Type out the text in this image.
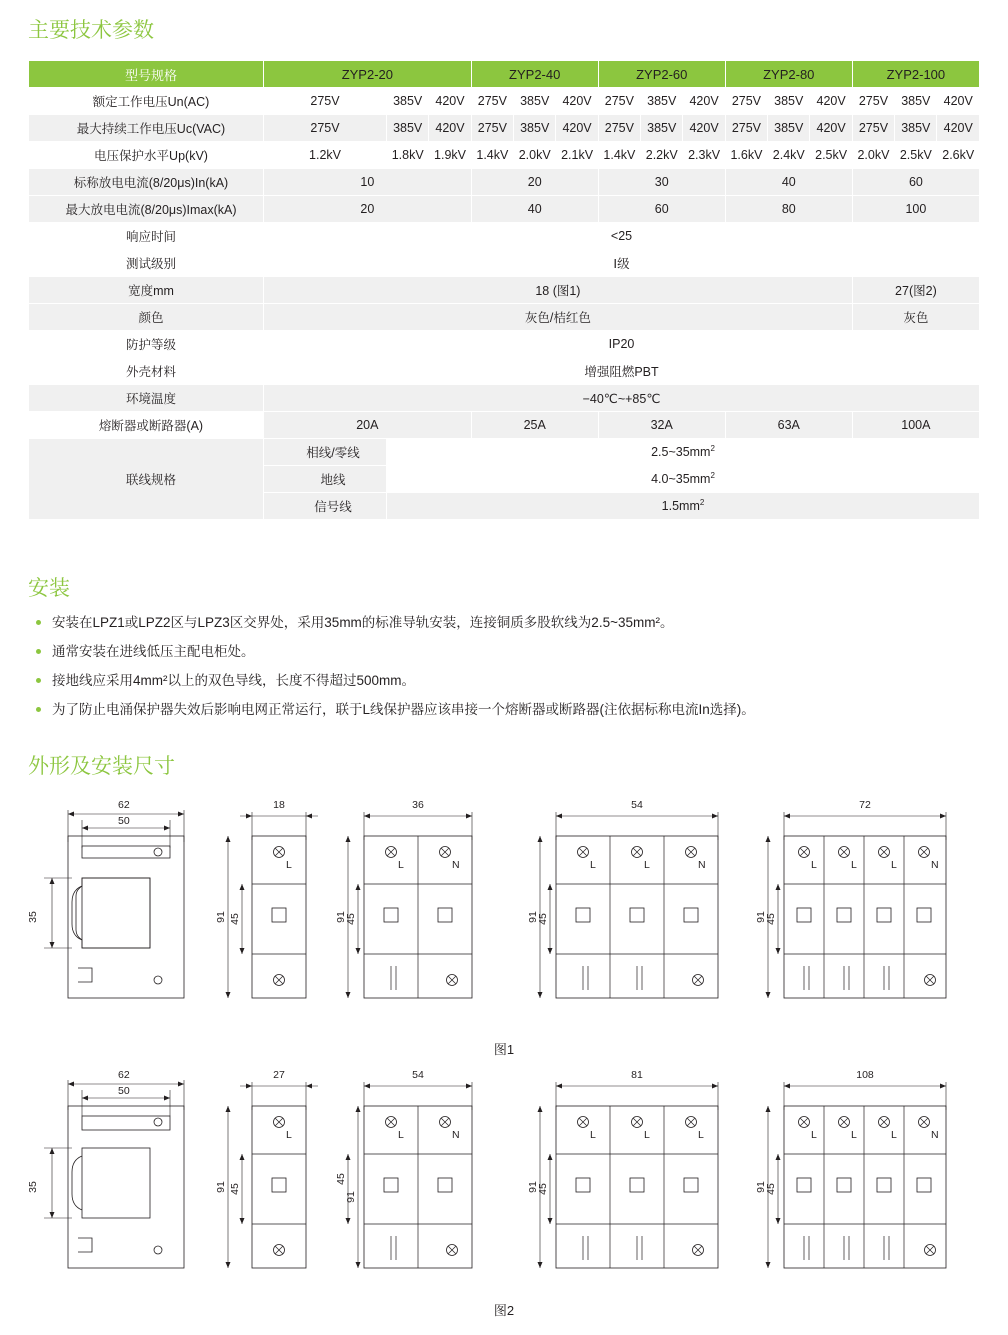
主要技术参数
型号规格	ZYP2-20			ZYP2-40			ZYP2-60			ZYP2-80			ZYP2-100		
额定工作电压Un(AC)	275V	385V	420V	275V	385V	420V	275V	385V	420V	275V	385V	420V	275V	385V	420V
最大持续工作电压Uc(VAC)	275V	385V	420V	275V	385V	420V	275V	385V	420V	275V	385V	420V	275V	385V	420V
电压保护水平Up(kV)	1.2kV	1.8kV	1.9kV	1.4kV	2.0kV	2.1kV	1.4kV	2.2kV	2.3kV	1.6kV	2.4kV	2.5kV	2.0kV	2.5kV	2.6kV
标称放电电流(8/20μs)In(kA)	10			20			30			40			60		
最大放电电流(8/20μs)Imax(kA)	20			40			60			80			100		
响应时间	<25														
测试级别	Ⅰ级														
宽度mm	18 (图1)												27(图2)		
颜色	灰色/桔红色												灰色		
防护等级	IP20														
外壳材料	增强阻燃PBT														
环境温度	−40℃~+85℃														
熔断器或断路器(A)	20A			25A			32A			63A			100A		
联线规格	相线/零线	$2.5\sim 35mm^2$
	地线	$4.0\sim 35mm^2$
	信号线	$1.5mm^2$
安装
安装在LPZ1或LPZ2区与LPZ3区交界处，采用35mm的标准导轨安装，连接铜质多股软线为2.5~35mm²。
通常安装在进线低压主配电柜处。
接地线应采用4mm²以上的双色导线，长度不得超过500mm。
为了防止电涌保护器失效后影响电网正常运行，联于L线保护器应该串接一个熔断器或断路器(注依据标称电流In选择)。
外形及安装尺寸
62
50
35
18
L
91 45
36
L	N
91
45
54
L	L	N
91
45
72
L	L	L	N
91
45
图1
62
50
35
27
L
91 45
54
L	N
45
91
81
L	L	L
91
45
108
L	L	L	N
91
45
图2
